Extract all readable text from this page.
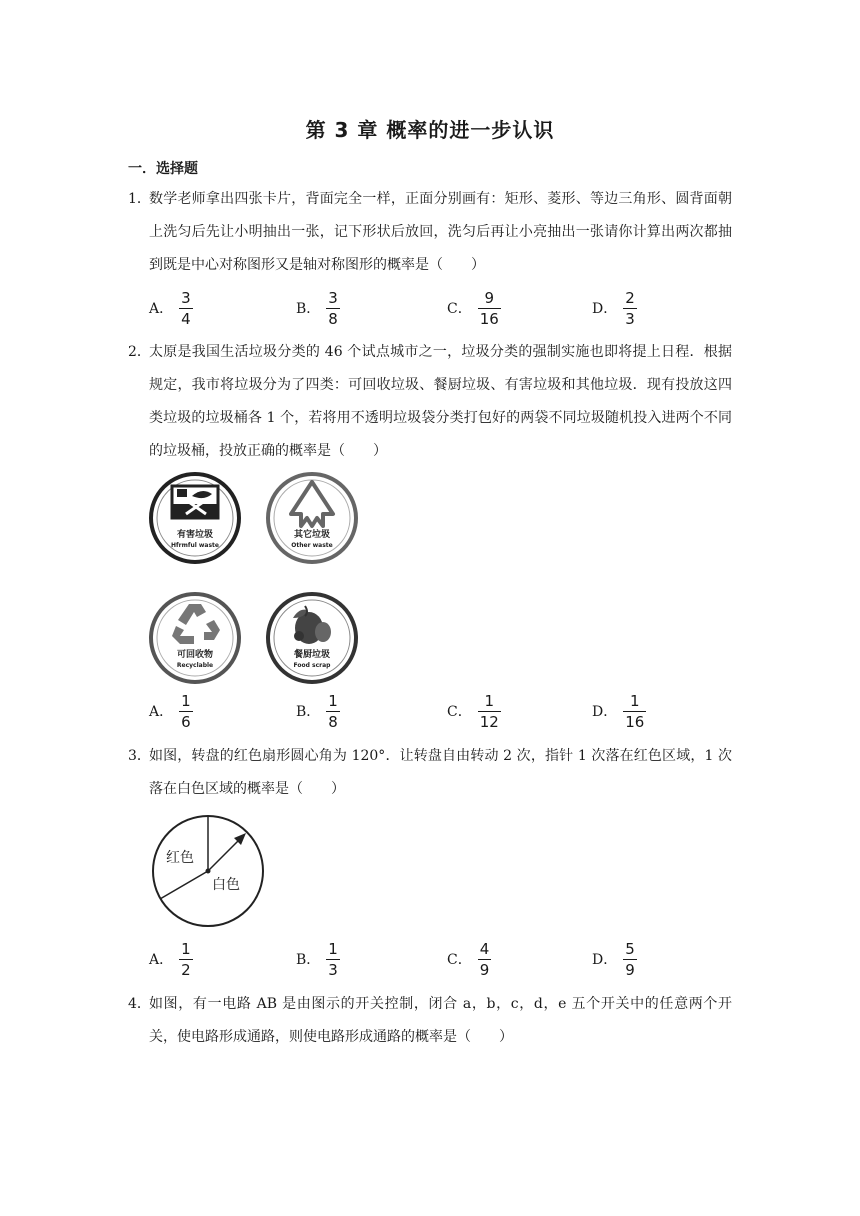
第 3 章 概率的进一步认识
一．选择题
1．
数学老师拿出四张卡片，背面完全一样，正面分别画有：矩形、菱形、等边三角形、圆背面朝上洗匀后先让小明抽出一张，记下形状后放回，洗匀后再让小亮抽出一张请你计算出两次都抽到既是中心对称图形又是轴对称图形的概率是（　　）
A． $\frac{3}{4}$	B． $\frac{3}{8}$	C． $\frac{9}{16}$	D． $\frac{2}{3}$
2．
太原是我国生活垃圾分类的 46 个试点城市之一，垃圾分类的强制实施也即将提上日程．根据规定，我市将垃圾分为了四类：可回收垃圾、餐厨垃圾、有害垃圾和其他垃圾．现有投放这四类垃圾的垃圾桶各 1 个，若将用不透明垃圾袋分类打包好的两袋不同垃圾随机投入进两个不同的垃圾桶，投放正确的概率是（　　）
有害垃圾
Hfrmful waste
其它垃圾
Other waste
可回收物
Recyclable
餐厨垃圾
Food scrap
A． $\frac{1}{6}$	B． $\frac{1}{8}$	C． $\frac{1}{12}$	D． $\frac{1}{16}$
3．
如图，转盘的红色扇形圆心角为 120°．让转盘自由转动 2 次，指针 1 次落在红色区域，1 次落在白色区域的概率是（　　）
红色
白色
A． $\frac{1}{2}$	B． $\frac{1}{3}$	C． $\frac{4}{9}$	D． $\frac{5}{9}$
4．
如图，有一电路 AB 是由图示的开关控制，闭合 a，b，c，d，e 五个开关中的任意两个开关，使电路形成通路，则使电路形成通路的概率是（　　）
